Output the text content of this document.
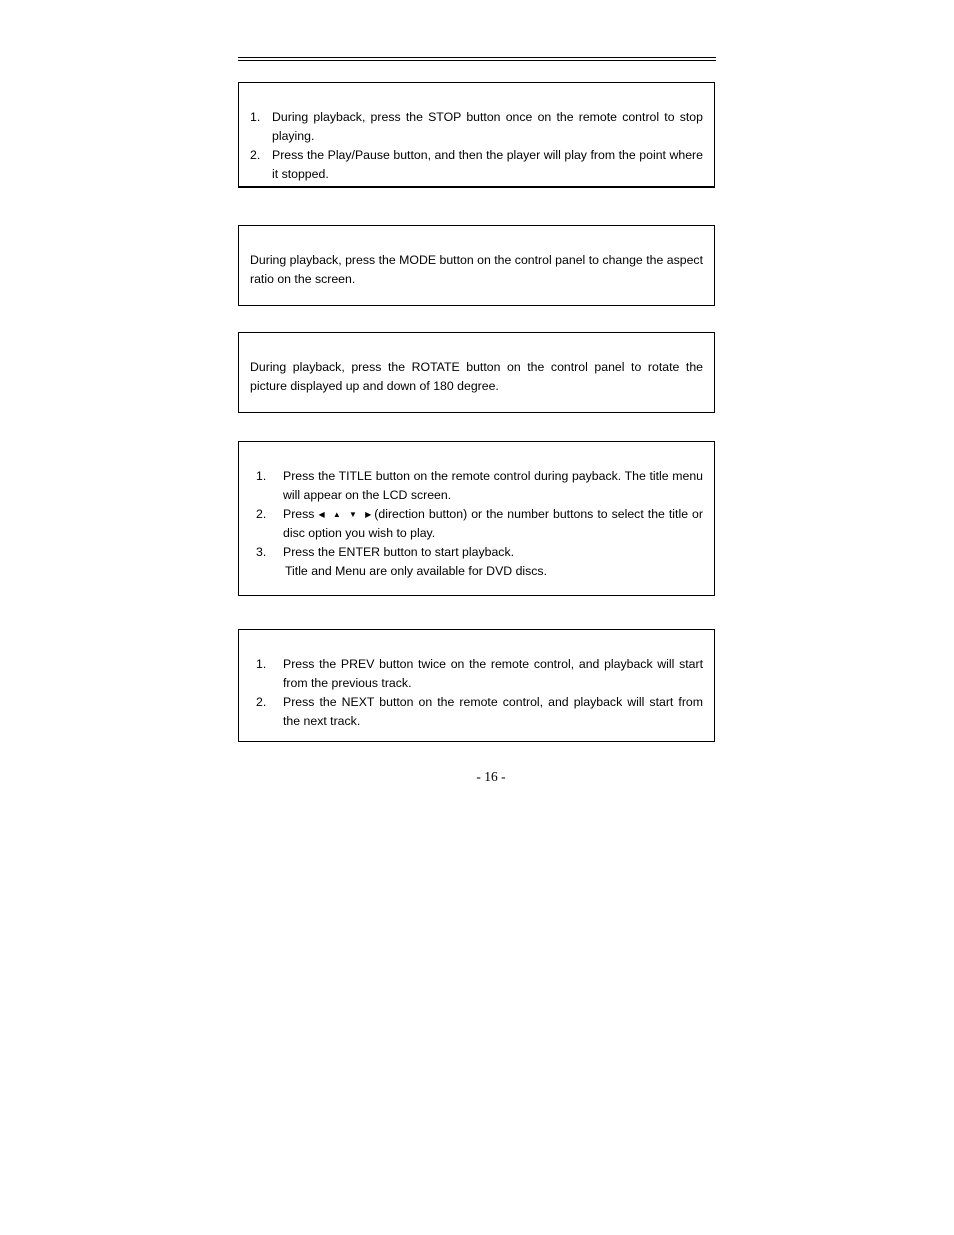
1. During playback, press the STOP button once on the remote control to stop playing.
2. Press the Play/Pause button, and then the player will play from the point where it stopped.

During playback, press the MODE button on the control panel to change the aspect ratio on the screen.

During playback, press the ROTATE button on the control panel to rotate the picture displayed up and down of 180 degree.

1. Press the TITLE button on the remote control during payback. The title menu will appear on the LCD screen.
2. Press ◀ ▲ ▼ ▶(direction button) or the number buttons to select the title or disc option you wish to play.
3. Press the ENTER button to start playback.
Title and Menu are only available for DVD discs.
1. Press the PREV button twice on the remote control, and playback will start from the previous track.
2. Press the NEXT button on the remote control, and playback will start from the next track.
- 16 -
